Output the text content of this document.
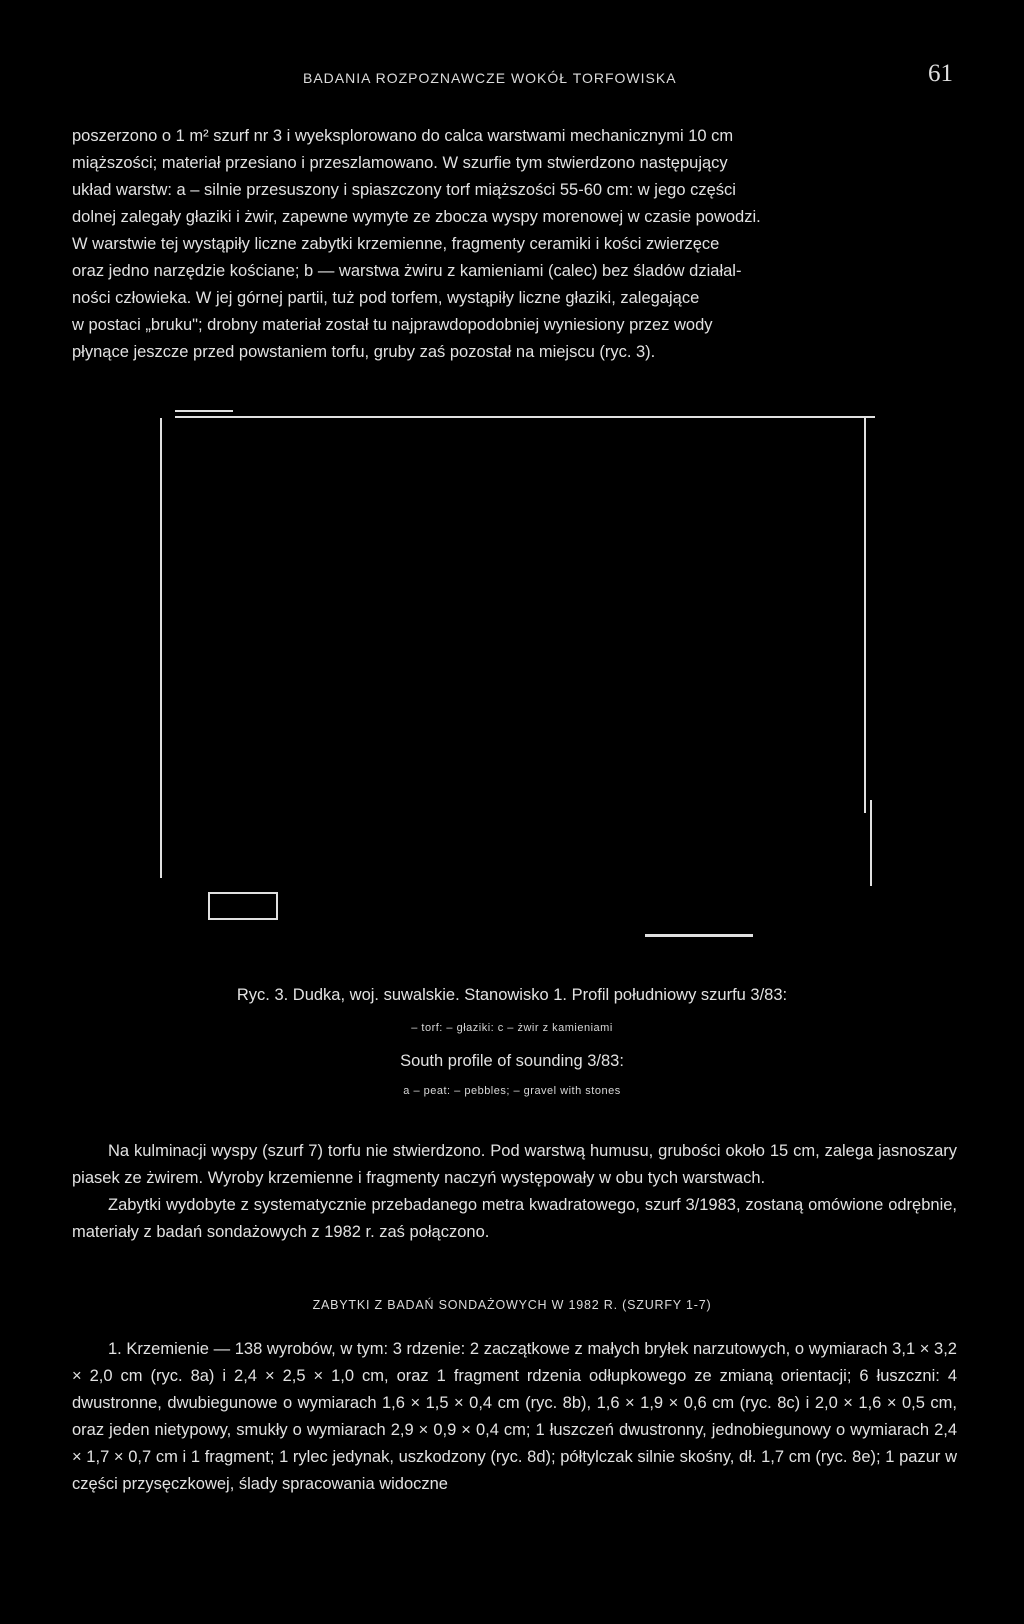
BADANIA ROZPOZNAWCZE WOKÓŁ TORFOWISKA	61

poszerzono o 1 m² szurf nr 3 i wyeksplorowano do calca warstwami mechanicznymi 10 cm

miąższości; materiał przesiano i przeszlamowano. W szurfie tym stwierdzono następujący

układ warstw: a – silnie przesuszony i spiaszczony torf miąższości 55-60 cm: w jego części

dolnej zalegały głaziki i żwir, zapewne wymyte ze zbocza wyspy morenowej w czasie powodzi.

W warstwie tej wystąpiły liczne zabytki krzemienne, fragmenty ceramiki i kości zwierzęce

oraz jedno narzędzie kościane; b — warstwa żwiru z kamieniami (calec) bez śladów działal-

ności człowieka. W jej górnej partii, tuż pod torfem, wystąpiły liczne głaziki, zalegające

w postaci „bruku"; drobny materiał został tu najprawdopodobniej wyniesiony przez wody

płynące jeszcze przed powstaniem torfu, gruby zaś pozostał na miejscu (ryc. 3).

Ryc. 3. Dudka, woj. suwalskie. Stanowisko 1. Profil południowy szurfu 3/83:
– torf: – głaziki: c – żwir z kamieniami
South profile of sounding 3/83:
a – peat: – pebbles; – gravel with stones

Na kulminacji wyspy (szurf 7) torfu nie stwierdzono. Pod warstwą humusu, grubości około 15 cm, zalega jasnoszary piasek ze żwirem. Wyroby krzemienne i fragmenty naczyń występowały w obu tych warstwach.

Zabytki wydobyte z systematycznie przebadanego metra kwadratowego, szurf 3/1983, zostaną omówione odrębnie, materiały z badań sondażowych z 1982 r. zaś połączono.

ZABYTKI Z BADAŃ SONDAŻOWYCH W 1982 R. (SZURFY 1-7)

1. Krzemienie — 138 wyrobów, w tym: 3 rdzenie: 2 zaczątkowe z małych bryłek narzutowych, o wymiarach 3,1 × 3,2 × 2,0 cm (ryc. 8a) i 2,4 × 2,5 × 1,0 cm, oraz 1 fragment rdzenia odłupkowego ze zmianą orientacji; 6 łuszczni: 4 dwustronne, dwubiegunowe o wymiarach 1,6 × 1,5 × 0,4 cm (ryc. 8b), 1,6 × 1,9 × 0,6 cm (ryc. 8c) i 2,0 × 1,6 × 0,5 cm, oraz jeden nietypowy, smukły o wymiarach 2,9 × 0,9 × 0,4 cm; 1 łuszczeń dwustronny, jednobiegunowy o wymiarach 2,4 × 1,7 × 0,7 cm i 1 fragment; 1 rylec jedynak, uszkodzony (ryc. 8d); półtylczak silnie skośny, dł. 1,7 cm (ryc. 8e); 1 pazur w części przysęczkowej, ślady spracowania widoczne
